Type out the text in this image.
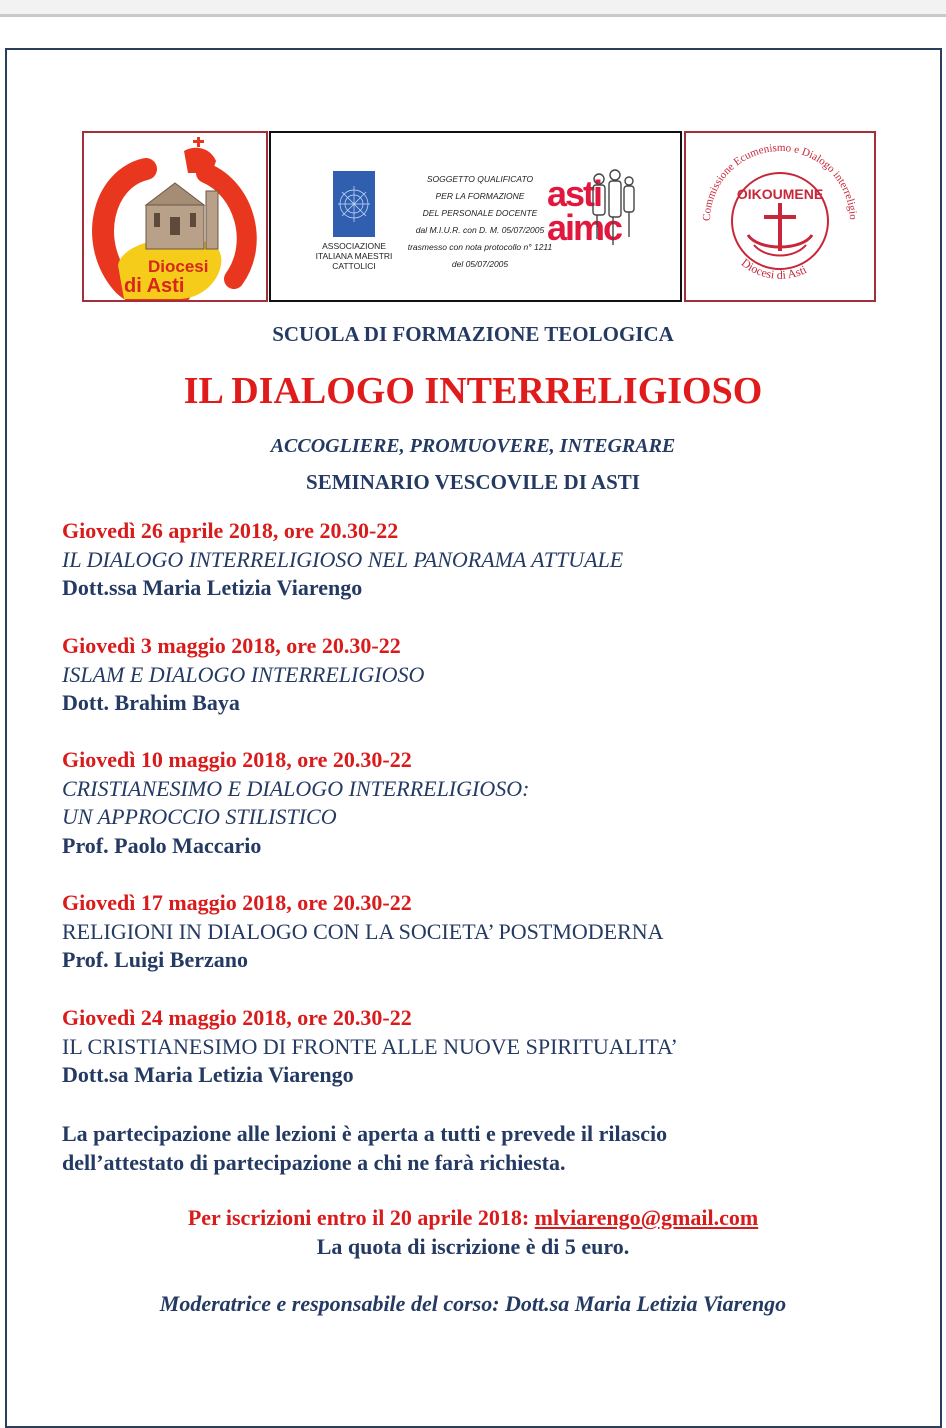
Diocesi
di Asti
ASSOCIAZIONE ITALIANA MAESTRI CATTOLICI
SOGGETTO QUALIFICATO
PER LA FORMAZIONE
DEL PERSONALE DOCENTE
dal M.I.U.R. con D. M. 05/07/2005
trasmesso con nota protocollo n° 1211
del 05/07/2005
asti
aimc	Commissione Ecumenismo e Dialogo interreligio
Diocesi di Asti
OIKOUMENE
SCUOLA DI FORMAZIONE TEOLOGICA
IL DIALOGO INTERRELIGIOSO
ACCOGLIERE, PROMUOVERE, INTEGRARE
SEMINARIO VESCOVILE DI ASTI
Giovedì 26 aprile 2018, ore 20.30-22
IL DIALOGO INTERRELIGIOSO NEL PANORAMA ATTUALE
Dott.ssa Maria Letizia Viarengo
Giovedì 3 maggio 2018, ore 20.30-22
ISLAM E DIALOGO INTERRELIGIOSO
Dott. Brahim Baya
Giovedì 10 maggio 2018, ore 20.30-22
CRISTIANESIMO E DIALOGO INTERRELIGIOSO:
UN APPROCCIO STILISTICO
Prof. Paolo Maccario
Giovedì 17 maggio 2018, ore 20.30-22
RELIGIONI IN DIALOGO CON LA SOCIETA’ POSTMODERNA
Prof. Luigi Berzano
Giovedì 24 maggio 2018, ore 20.30-22
IL CRISTIANESIMO DI FRONTE ALLE NUOVE SPIRITUALITA’
Dott.sa Maria Letizia Viarengo
La partecipazione alle lezioni è aperta a tutti e prevede il rilascio
dell’attestato di partecipazione a chi ne farà richiesta.
Per iscrizioni entro il 20 aprile 2018: mlviarengo@gmail.com
La quota di iscrizione è di 5 euro.
Moderatrice e responsabile del corso: Dott.sa Maria Letizia Viarengo
